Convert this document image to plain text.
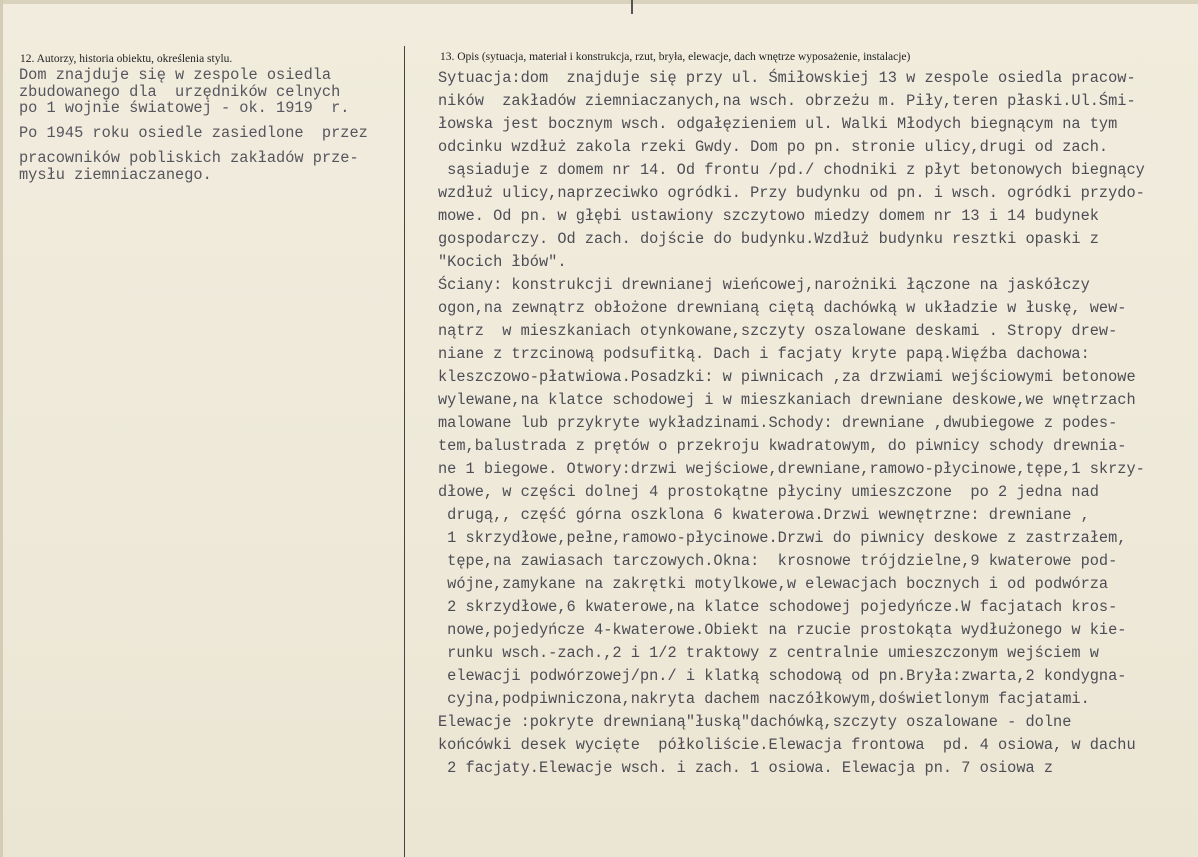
12. Autorzy, historia obiektu, określenia stylu.	13. Opis (sytuacja, materiał i konstrukcja, rzut, bryła, elewacje, dach wnętrze wyposażenie, instalacje)
Dom znajduje się w zespole osiedla
zbudowanego dla  urzędników celnych
po 1 wojnie światowej - ok. 1919  r.
Po 1945 roku osiedle zasiedlone  przez
pracowników pobliskich zakładów prze-
mysłu ziemniaczanego.
Sytuacja:dom  znajduje się przy ul. Śmiłowskiej 13 w zespole osiedla pracow-
ników  zakładów ziemniaczanych,na wsch. obrzeżu m. Piły,teren płaski.Ul.Śmi-
łowska jest bocznym wsch. odgałęzieniem ul. Walki Młodych biegnącym na tym
odcinku wzdłuż zakola rzeki Gwdy. Dom po pn. stronie ulicy,drugi od zach.
sąsiaduje z domem nr 14. Od frontu /pd./ chodniki z płyt betonowych biegnący
wzdłuż ulicy,naprzeciwko ogródki. Przy budynku od pn. i wsch. ogródki przydo-
mowe. Od pn. w głębi ustawiony szczytowo miedzy domem nr 13 i 14 budynek
gospodarczy. Od zach. dojście do budynku.Wzdłuż budynku resztki opaski z
"Kocich łbów".
Ściany: konstrukcji drewnianej wieńcowej,narożniki łączone na jaskółczy
ogon,na zewnątrz obłożone drewnianą ciętą dachówką w układzie w łuskę, wew-
nątrz  w mieszkaniach otynkowane,szczyty oszalowane deskami . Stropy drew-
niane z trzcinową podsufitką. Dach i facjaty kryte papą.Więźba dachowa:
kleszczowo-płatwiowa.Posadzki: w piwnicach ,za drzwiami wejściowymi betonowe
wylewane,na klatce schodowej i w mieszkaniach drewniane deskowe,we wnętrzach
malowane lub przykryte wykładzinami.Schody: drewniane ,dwubiegowe z podes-
tem,balustrada z prętów o przekroju kwadratowym, do piwnicy schody drewnia-
ne 1 biegowe. Otwory:drzwi wejściowe,drewniane,ramowo-płycinowe,tępe,1 skrzy-
dłowe, w części dolnej 4 prostokątne płyciny umieszczone  po 2 jedna nad
drugą,, część górna oszklona 6 kwaterowa.Drzwi wewnętrzne: drewniane ,
1 skrzydłowe,pełne,ramowo-płycinowe.Drzwi do piwnicy deskowe z zastrzałem,
tępe,na zawiasach tarczowych.Okna:  krosnowe trójdzielne,9 kwaterowe pod-
wójne,zamykane na zakrętki motylkowe,w elewacjach bocznych i od podwórza
2 skrzydłowe,6 kwaterowe,na klatce schodowej pojedyńcze.W facjatach kros-
nowe,pojedyńcze 4-kwaterowe.Obiekt na rzucie prostokąta wydłużonego w kie-
runku wsch.-zach.,2 i 1/2 traktowy z centralnie umieszczonym wejściem w
elewacji podwórzowej/pn./ i klatką schodową od pn.Bryła:zwarta,2 kondygna-
cyjna,podpiwniczona,nakryta dachem naczółkowym,doświetlonym facjatami.
Elewacje :pokryte drewnianą"łuską"dachówką,szczyty oszalowane - dolne
końcówki desek wycięte  półkoliście.Elewacja frontowa  pd. 4 osiowa, w dachu
2 facjaty.Elewacje wsch. i zach. 1 osiowa. Elewacja pn. 7 osiowa z
